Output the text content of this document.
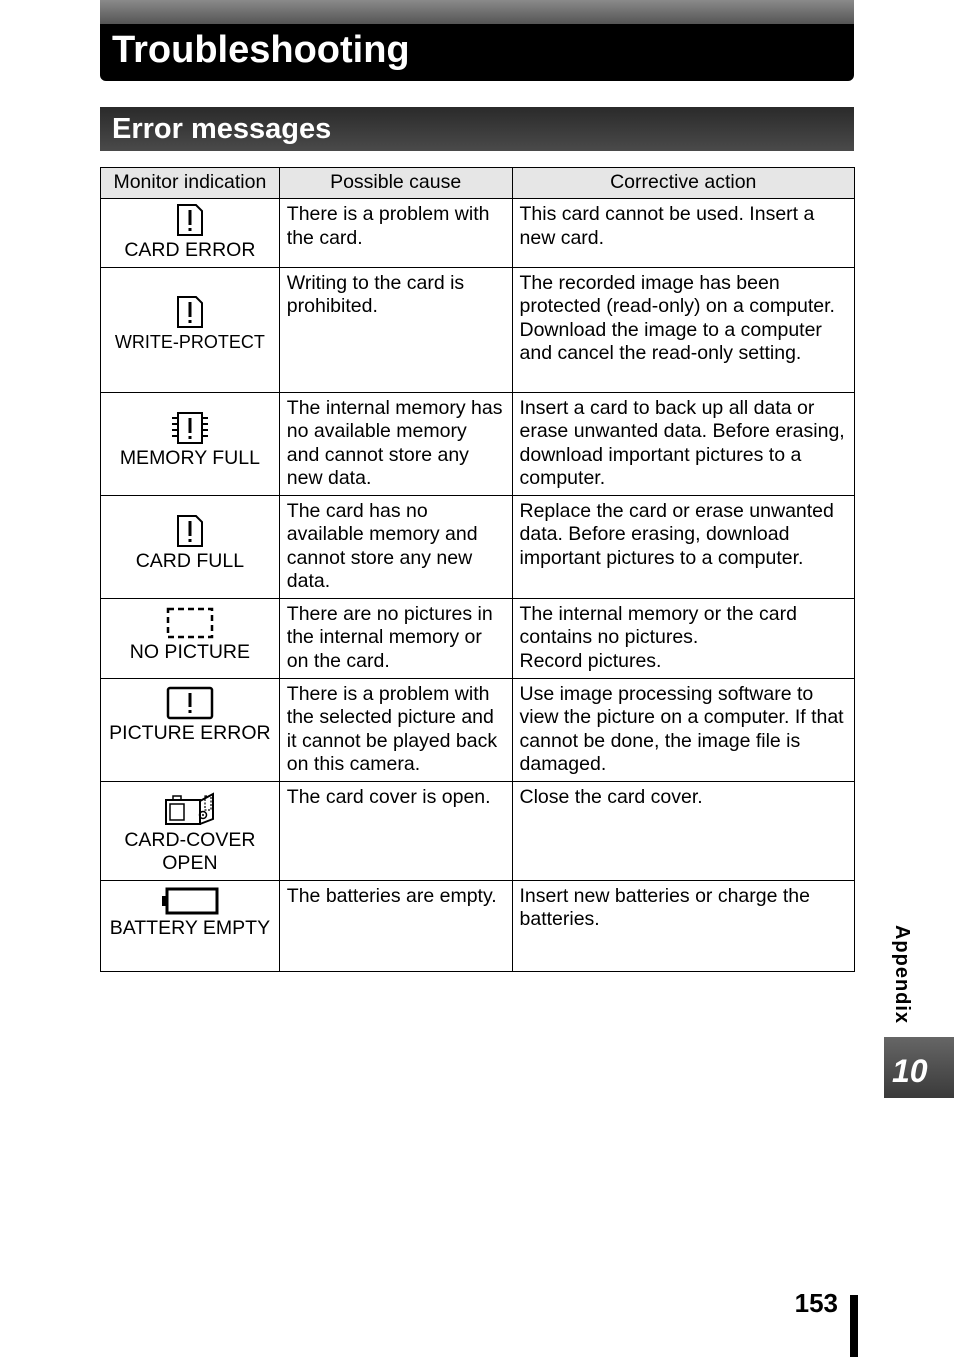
Troubleshooting
Error messages
Monitor indication	Possible cause	Corrective action

CARD ERROR	There is a problem with the card.	This card cannot be used. Insert a new card.

WRITE-PROTECT	Writing to the card is prohibited.	The recorded image has been protected (read-only) on a computer. Download the image to a computer and cancel the read-only setting.

MEMORY FULL	The internal memory has no available memory and cannot store any new data.	Insert a card to back up all data or erase unwanted data. Before erasing, download important pictures to a computer.

CARD FULL	The card has no available memory and cannot store any new data.	Replace the card or erase unwanted data. Before erasing, download important pictures to a computer.

NO PICTURE	There are no pictures in the internal memory or on the card.	The internal memory or the card contains no pictures.
Record pictures.

PICTURE ERROR	There is a problem with the selected picture and it cannot be played back on this camera.	Use image processing software to view the picture on a computer. If that cannot be done, the image file is damaged.

CARD-COVER OPEN	The card cover is open.	Close the card cover.

BATTERY EMPTY	The batteries are empty.	Insert new batteries or charge the batteries.
Appendix
10
153
